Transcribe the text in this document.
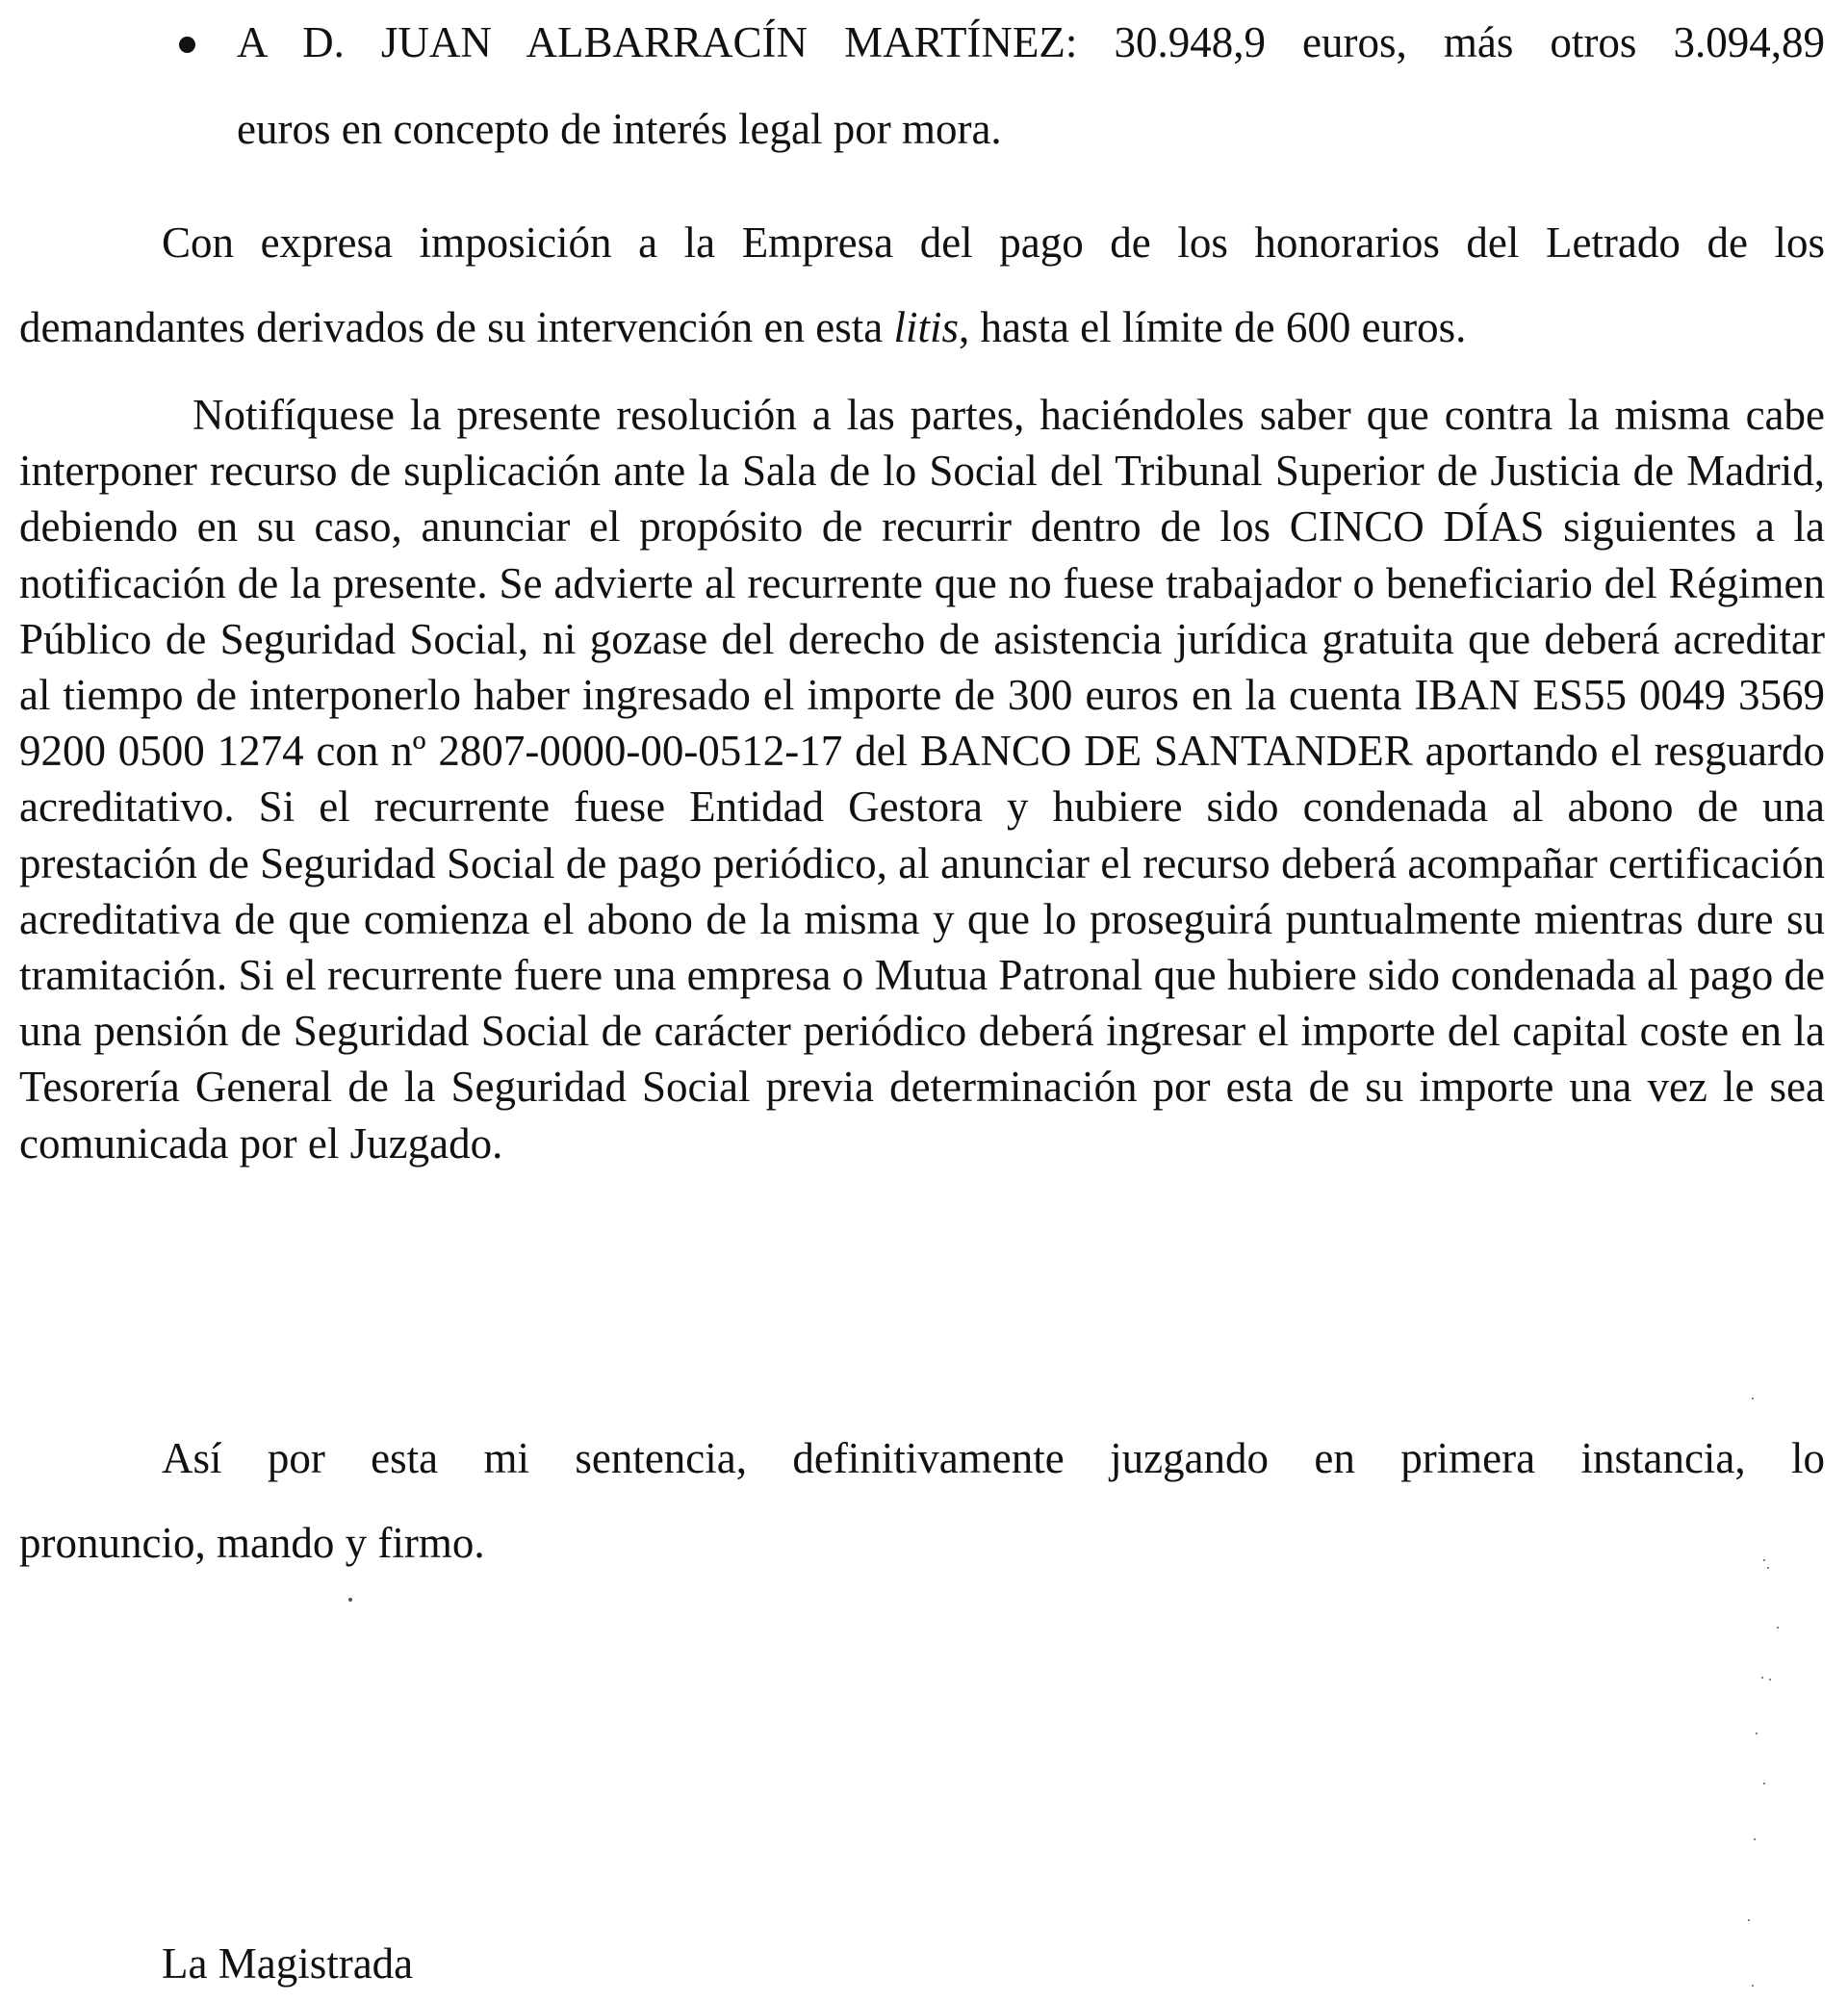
A D. JUAN ALBARRACÍN MARTÍNEZ: 30.948,9 euros, más otros 3.094,89
euros en concepto de interés legal por mora.
Con expresa imposición a la Empresa del pago de los honorarios del Letrado de los
demandantes derivados de su intervención en esta litis, hasta el límite de 600 euros.
Notifíquese la presente resolución a las partes, haciéndoles saber que contra la misma cabe interponer recurso de suplicación ante la Sala de lo Social del Tribunal Superior de Justicia de Madrid, debiendo en su caso, anunciar el propósito de recurrir dentro de los CINCO DÍAS siguientes a la notificación de la presente. Se advierte al recurrente que no fuese trabajador o beneficiario del Régimen Público de Seguridad Social, ni gozase del derecho de asistencia jurídica gratuita que deberá acreditar al tiempo de interponerlo haber ingresado el importe de 300 euros en la cuenta IBAN ES55 0049 3569 9200 0500 1274 con nº 2807-0000-00-0512-17 del BANCO DE SANTANDER aportando el resguardo acreditativo. Si el recurrente fuese Entidad Gestora y hubiere sido condenada al abono de una prestación de Seguridad Social de pago periódico, al anunciar el recurso deberá acompañar certificación acreditativa de que comienza el abono de la misma y que lo proseguirá puntualmente mientras dure su tramitación. Si el recurrente fuere una empresa o Mutua Patronal que hubiere sido condenada al pago de una pensión de Seguridad Social de carácter periódico deberá ingresar el importe del capital coste en la Tesorería General de la Seguridad Social previa determinación por esta de su importe una vez le sea comunicada por el Juzgado.
Así por esta mi sentencia, definitivamente juzgando en primera instancia, lo
pronuncio, mando y firmo.
La Magistrada
